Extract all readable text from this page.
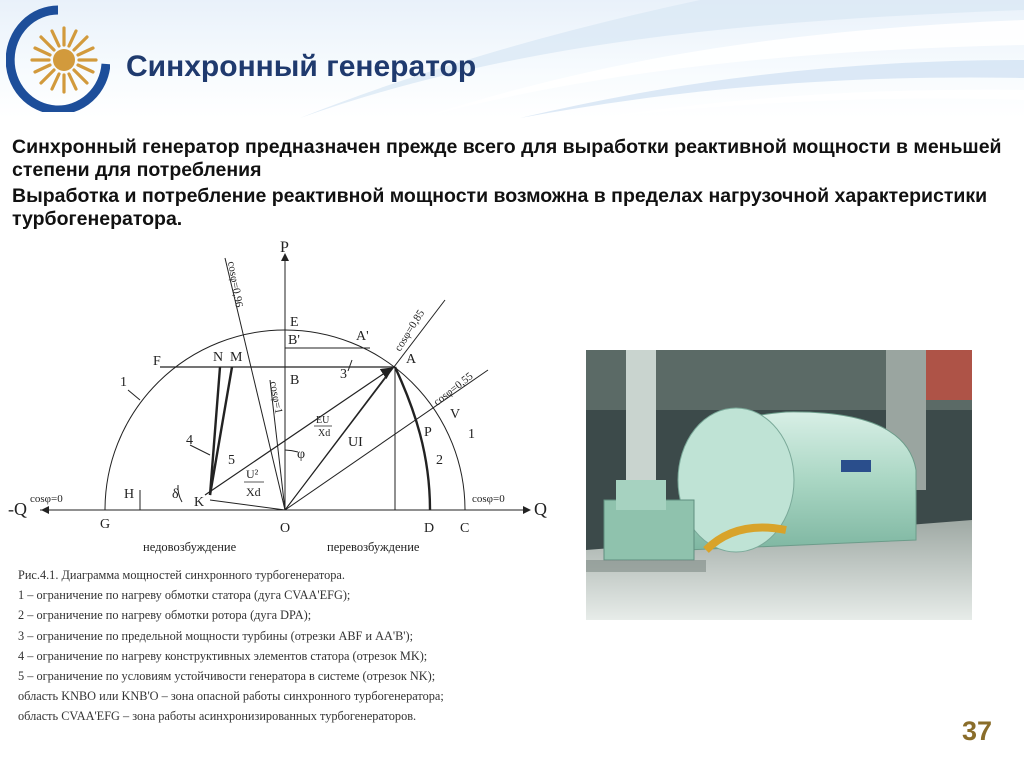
Синхронный генератор
Синхронный генератор предназначен прежде всего для выработки реактивной мощности в меньшей степени для потребления
Выработка и потребление реактивной мощности возможна в пределах нагрузочной характеристики турбогенератора.
P
-Q	Q
E
B'	A'
N M
F
B
A
V
P
H
K
G	O	D C
1
1
2
3
4
5
cosφ=0,96
cosφ=0,85
cosφ=0,55
cosφ=1
cosφ=0	cosφ=0
UI
φ
δ
EU
Xd
U²
Xd
недовозбуждение	перевозбуждение
Рис.4.1. Диаграмма мощностей синхронного турбогенератора.
1 – ограничение по нагреву обмотки статора (дуга CVAA'EFG);
2 – ограничение по нагреву обмотки ротора (дуга DPA);
3 – ограничение по предельной мощности турбины (отрезки ABF и AA'B');
4 – ограничение по нагреву конструктивных элементов статора (отрезок MK);
5 – ограничение по условиям устойчивости генератора в системе (отрезок NK);
область KNBO или KNB'O – зона опасной работы синхронного турбогенератора;
область CVAA'EFG – зона работы асинхронизированных турбогенераторов.	37
